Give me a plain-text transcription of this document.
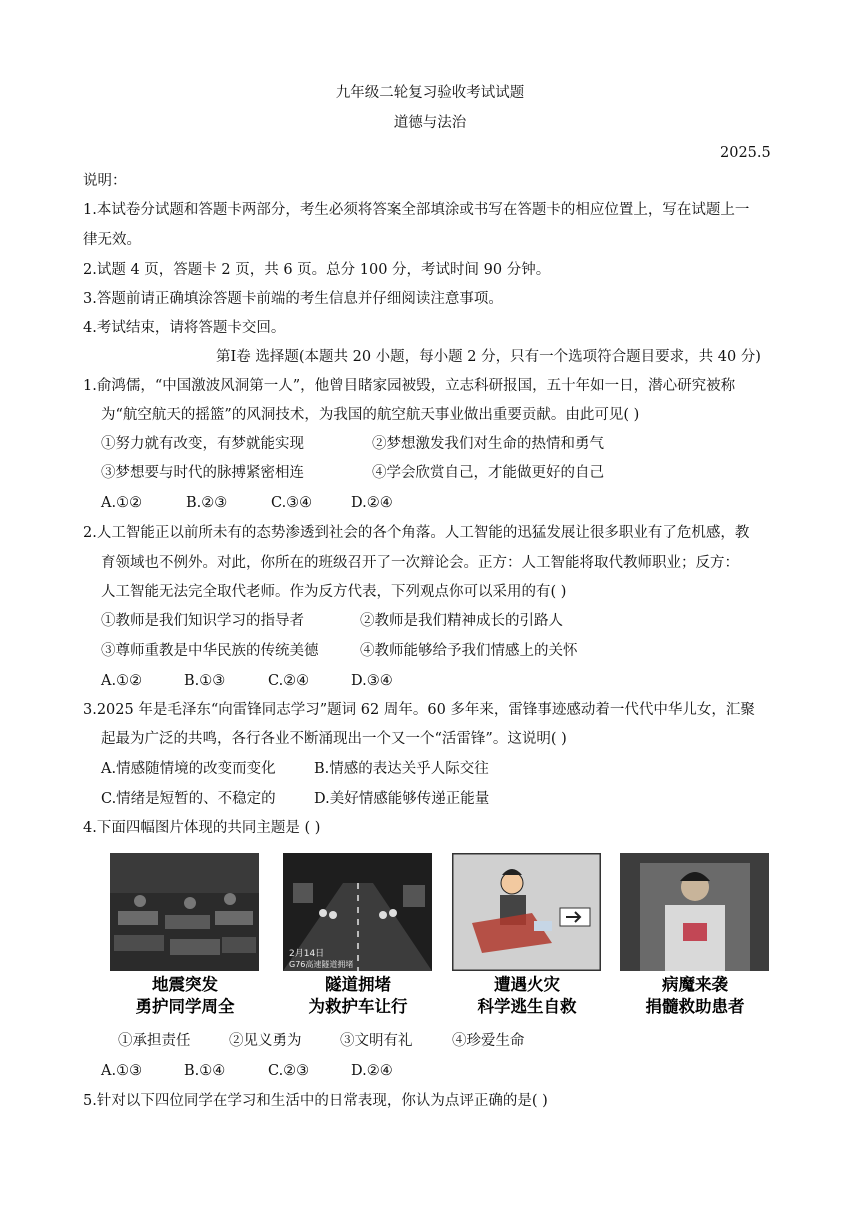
九年级二轮复习验收考试试题
道德与法治
2025.5
说明：
1.本试卷分试题和答题卡两部分，考生必须将答案全部填涂或书写在答题卡的相应位置上，写在试题上一
律无效。
2.试题 4 页，答题卡 2 页，共 6 页。总分 100 分，考试时间 90 分钟。
3.答题前请正确填涂答题卡前端的考生信息并仔细阅读注意事项。
4.考试结束，请将答题卡交回。
第Ⅰ卷 选择题(本题共 20 小题，每小题 2 分，只有一个选项符合题目要求，共 40 分)
1.俞鸿儒，“中国激波风洞第一人”，他曾目睹家园被毁，立志科研报国，五十年如一日，潜心研究被称
为“航空航天的摇篮”的风洞技术，为我国的航空航天事业做出重要贡献。由此可见( )
①努力就有改变，有梦就能实现	②梦想激发我们对生命的热情和勇气
③梦想要与时代的脉搏紧密相连	④学会欣赏自己，才能做更好的自己
A.①②	B.②③	C.③④	D.②④
2.人工智能正以前所未有的态势渗透到社会的各个角落。人工智能的迅猛发展让很多职业有了危机感，教
育领域也不例外。对此，你所在的班级召开了一次辩论会。正方：人工智能将取代教师职业；反方：
人工智能无法完全取代老师。作为反方代表，下列观点你可以采用的有( )
①教师是我们知识学习的指导者	②教师是我们精神成长的引路人
③尊师重教是中华民族的传统美德	④教师能够给予我们情感上的关怀
A.①②	B.①③	C.②④	D.③④
3.2025 年是毛泽东“向雷锋同志学习”题词 62 周年。60 多年来，雷锋事迹感动着一代代中华儿女，汇聚
起最为广泛的共鸣，各行各业不断涌现出一个又一个“活雷锋”。这说明( )
A.情感随情境的改变而变化	B.情感的表达关乎人际交往
C.情绪是短暂的、不稳定的	D.美好情感能够传递正能量
4.下面四幅图片体现的共同主题是 ( )
2月14日
G76高速隧道拥堵
地震突发
勇护同学周全
隧道拥堵
为救护车让行
遭遇火灾
科学逃生自救
病魔来袭
捐髓救助患者
①承担责任	②见义勇为	③文明有礼	④珍爱生命
A.①③	B.①④	C.②③	D.②④
5.针对以下四位同学在学习和生活中的日常表现，你认为点评正确的是( )
